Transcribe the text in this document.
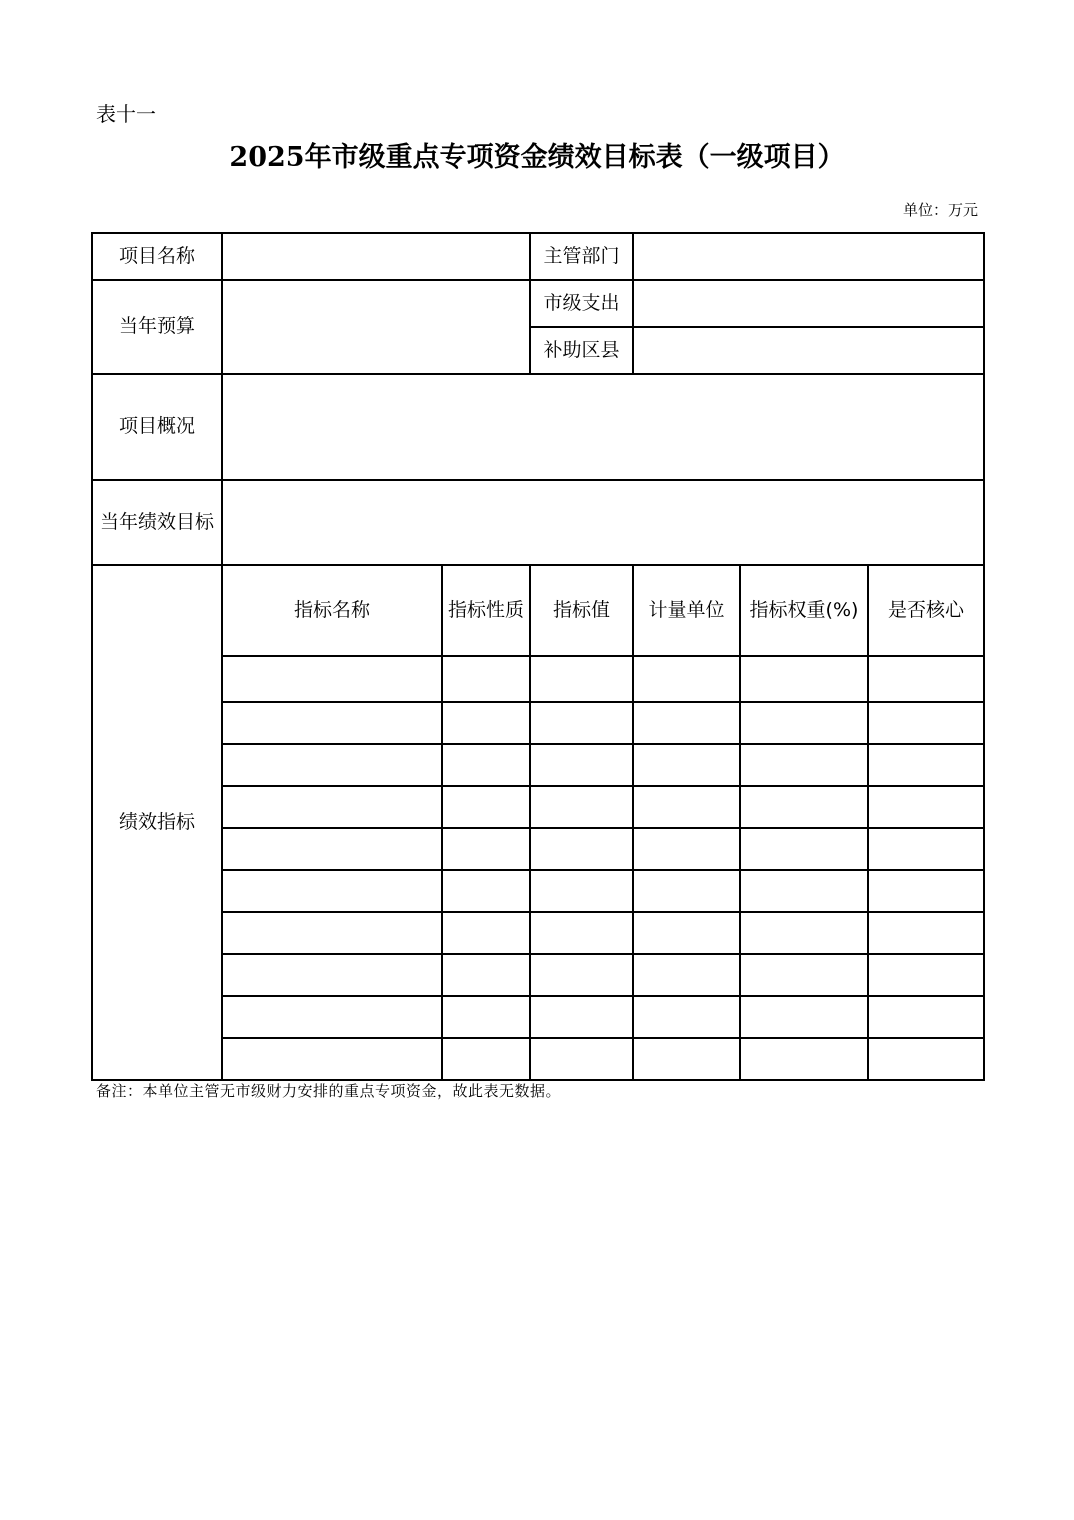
表十一
2025年市级重点专项资金绩效目标表（一级项目）
单位：万元
项目名称			主管部门			
当年预算			市级支出			
			补助区县			
项目概况						
当年绩效目标						
绩效指标	指标名称	指标性质	指标值	计量单位	指标权重(%)	是否核心

备注：本单位主管无市级财力安排的重点专项资金，故此表无数据。
